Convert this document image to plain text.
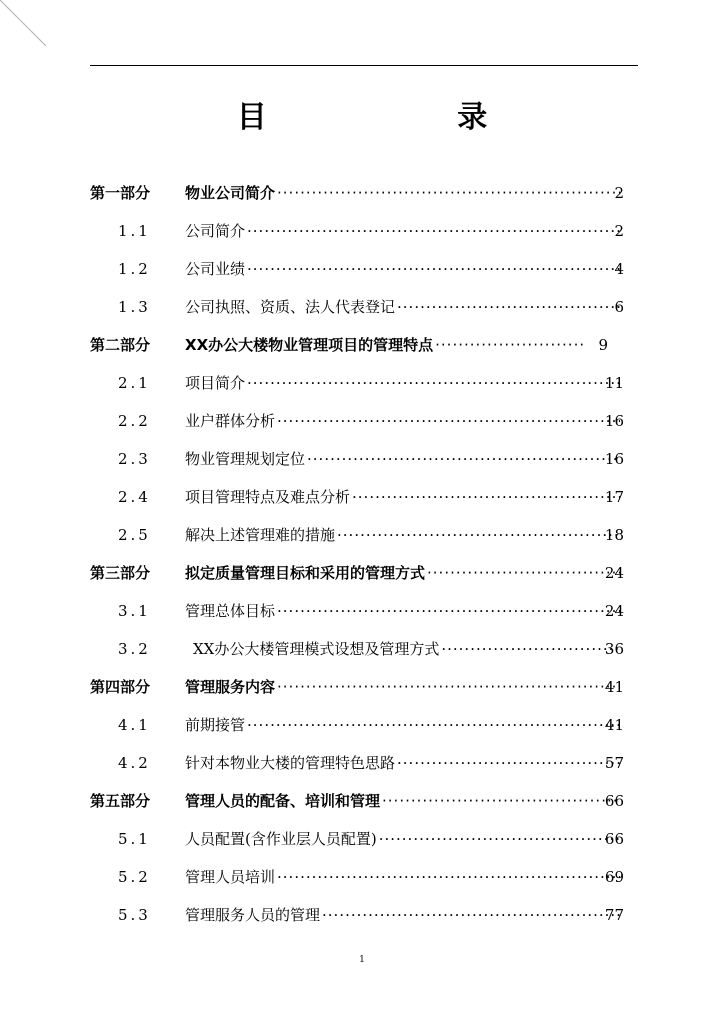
目 录
第一部分 物业公司简介 ·····	2
1.1 公司简介 ·····	2
1.2 公司业绩 ·····	4
1.3 公司执照、资质、法人代表登记 ·····	6
第二部分 XX办公大楼物业管理项目的管理特点 ·····	9
2.1 项目简介 ·····	11
2.2 业户群体分析 ·····	16
2.3 物业管理规划定位 ·····	16
2.4 项目管理特点及难点分析 ·····	17
2.5 解决上述管理难的措施 ·····	18
第三部分 拟定质量管理目标和采用的管理方式 ·····	24
3.1 管理总体目标 ·····	24
3.2	XX办公大楼管理模式设想及管理方式 ·····	36
第四部分 管理服务内容 ·····	41
4.1 前期接管 ·····	41
4.2 针对本物业大楼的管理特色思路 ·····	57
第五部分 管理人员的配备、培训和管理 ·····	66
5.1 人员配置(含作业层人员配置) ·····	66
5.2 管理人员培训 ·····	69
5.3 管理服务人员的管理 ·····	77
1
